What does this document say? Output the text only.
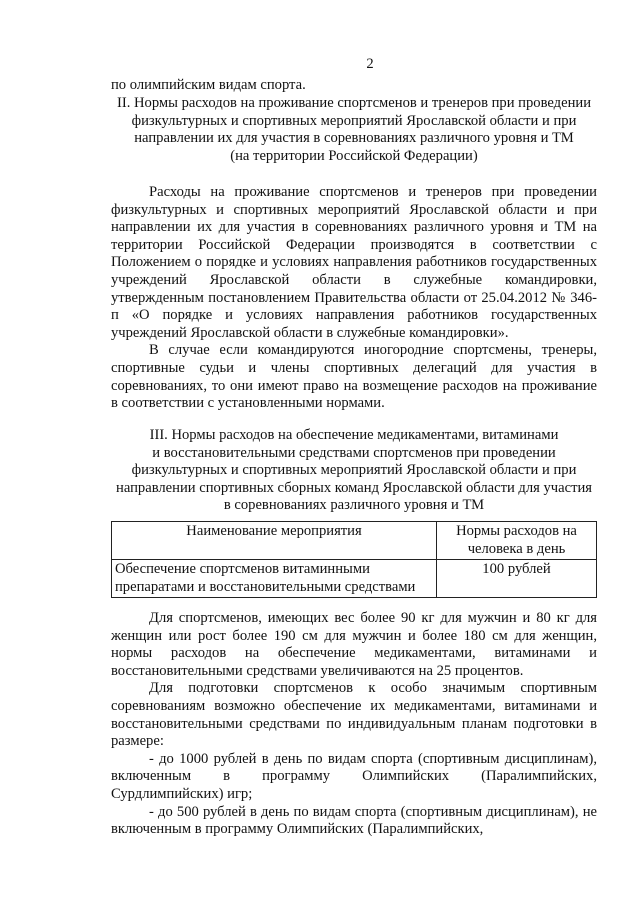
2
по олимпийским видам спорта.
II. Нормы расходов на проживание спортсменов и тренеров при проведении
физкультурных и спортивных мероприятий Ярославской области и при
направлении их для участия в соревнованиях различного уровня и ТМ
(на территории Российской Федерации)

Расходы на проживание спортсменов и тренеров при проведении физкультурных и спортивных мероприятий Ярославской области и при направлении их для участия в соревнованиях различного уровня и ТМ на территории Российской Федерации производятся в соответствии с Положением о порядке и условиях направления работников государственных учреждений Ярославской области в служебные командировки, утвержденным постановлением Правительства области от 25.04.2012 № 346-п «О порядке и условиях направления работников государственных учреждений Ярославской области в служебные командировки».

В случае если командируются иногородние спортсмены, тренеры, спортивные судьи и члены спортивных делегаций для участия в соревнованиях, то они имеют право на возмещение расходов на проживание в соответствии с установленными нормами.

III. Нормы расходов на обеспечение медикаментами, витаминами
и восстановительными средствами спортсменов при проведении
физкультурных и спортивных мероприятий Ярославской области и при
направлении спортивных сборных команд Ярославской области для участия
в соревнованиях различного уровня и ТМ
Наименование мероприятия	Нормы расходов на человека в день
Обеспечение спортсменов витаминными препаратами и восстановительными средствами	100 рублей

Для спортсменов, имеющих вес более 90 кг для мужчин и 80 кг для женщин или рост более 190 см для мужчин и более 180 см для женщин, нормы расходов на обеспечение медикаментами, витаминами и восстановительными средствами увеличиваются на 25 процентов.

Для подготовки спортсменов к особо значимым спортивным соревнованиям возможно обеспечение их медикаментами, витаминами и восстановительными средствами по индивидуальным планам подготовки в размере:

- до 1000 рублей в день по видам спорта (спортивным дисциплинам), включенным в программу Олимпийских (Паралимпийских, Сурдлимпийских) игр;

- до 500 рублей в день по видам спорта (спортивным дисциплинам), не включенным в программу Олимпийских (Паралимпийских,
